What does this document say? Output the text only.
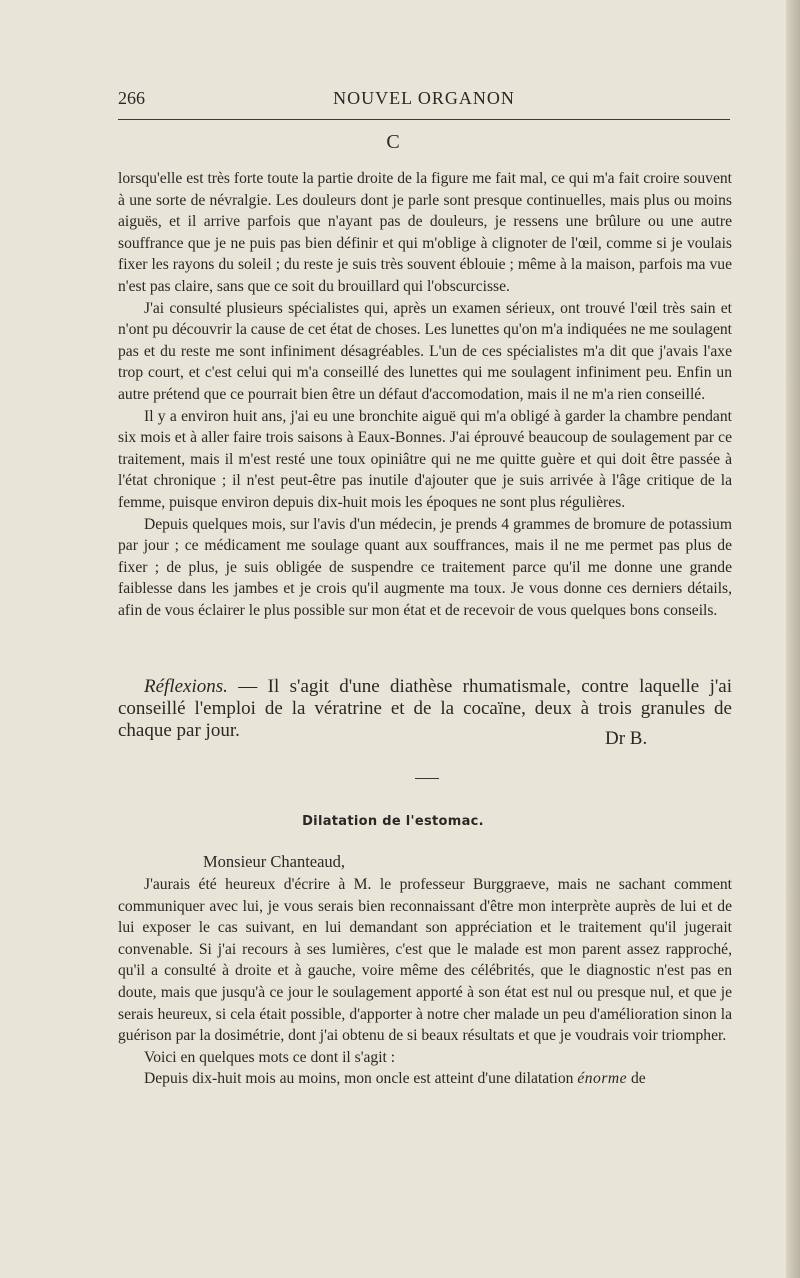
266	NOUVEL ORGANON
C

lorsqu'elle est très forte toute la partie droite de la figure me fait mal, ce qui m'a fait croire souvent à une sorte de névralgie. Les douleurs dont je parle sont presque continuelles, mais plus ou moins aiguës, et il arrive parfois que n'ayant pas de douleurs, je ressens une brûlure ou une autre souffrance que je ne puis pas bien définir et qui m'oblige à clignoter de l'œil, comme si je voulais fixer les rayons du soleil ; du reste je suis très souvent éblouie ; même à la maison, parfois ma vue n'est pas claire, sans que ce soit du brouillard qui l'obscurcisse.

J'ai consulté plusieurs spécialistes qui, après un examen sérieux, ont trouvé l'œil très sain et n'ont pu découvrir la cause de cet état de choses. Les lunettes qu'on m'a indiquées ne me soulagent pas et du reste me sont infiniment désagréables. L'un de ces spécialistes m'a dit que j'avais l'axe trop court, et c'est celui qui m'a conseillé des lunettes qui me soulagent infiniment peu. Enfin un autre prétend que ce pourrait bien être un défaut d'accomodation, mais il ne m'a rien conseillé.

Il y a environ huit ans, j'ai eu une bronchite aiguë qui m'a obligé à garder la chambre pendant six mois et à aller faire trois saisons à Eaux-Bonnes. J'ai éprouvé beaucoup de soulagement par ce traitement, mais il m'est resté une toux opiniâtre qui ne me quitte guère et qui doit être passée à l'état chronique ; il n'est peut-être pas inutile d'ajouter que je suis arrivée à l'âge critique de la femme, puisque environ depuis dix-huit mois les époques ne sont plus régulières.

Depuis quelques mois, sur l'avis d'un médecin, je prends 4 grammes de bromure de potassium par jour ; ce médicament me soulage quant aux souffrances, mais il ne me permet pas plus de fixer ; de plus, je suis obligée de suspendre ce traitement parce qu'il me donne une grande faiblesse dans les jambes et je crois qu'il augmente ma toux. Je vous donne ces derniers détails, afin de vous éclairer le plus possible sur mon état et de recevoir de vous quelques bons conseils.

Réflexions. — Il s'agit d'une diathèse rhumatismale, contre laquelle j'ai conseillé l'emploi de la vératrine et de la cocaïne, deux à trois granules de chaque par jour.	Dr B.
Dilatation de l'estomac.
Monsieur Chanteaud,

J'aurais été heureux d'écrire à M. le professeur Burggraeve, mais ne sachant comment communiquer avec lui, je vous serais bien reconnaissant d'être mon interprète auprès de lui et de lui exposer le cas suivant, en lui demandant son appréciation et le traitement qu'il jugerait convenable. Si j'ai recours à ses lumières, c'est que le malade est mon parent assez rapproché, qu'il a consulté à droite et à gauche, voire même des célébrités, que le diagnostic n'est pas en doute, mais que jusqu'à ce jour le soulagement apporté à son état est nul ou presque nul, et que je serais heureux, si cela était possible, d'apporter à notre cher malade un peu d'amélioration sinon la guérison par la dosimétrie, dont j'ai obtenu de si beaux résultats et que je voudrais voir triompher.

Voici en quelques mots ce dont il s'agit :

Depuis dix-huit mois au moins, mon oncle est atteint d'une dilatation énorme de
